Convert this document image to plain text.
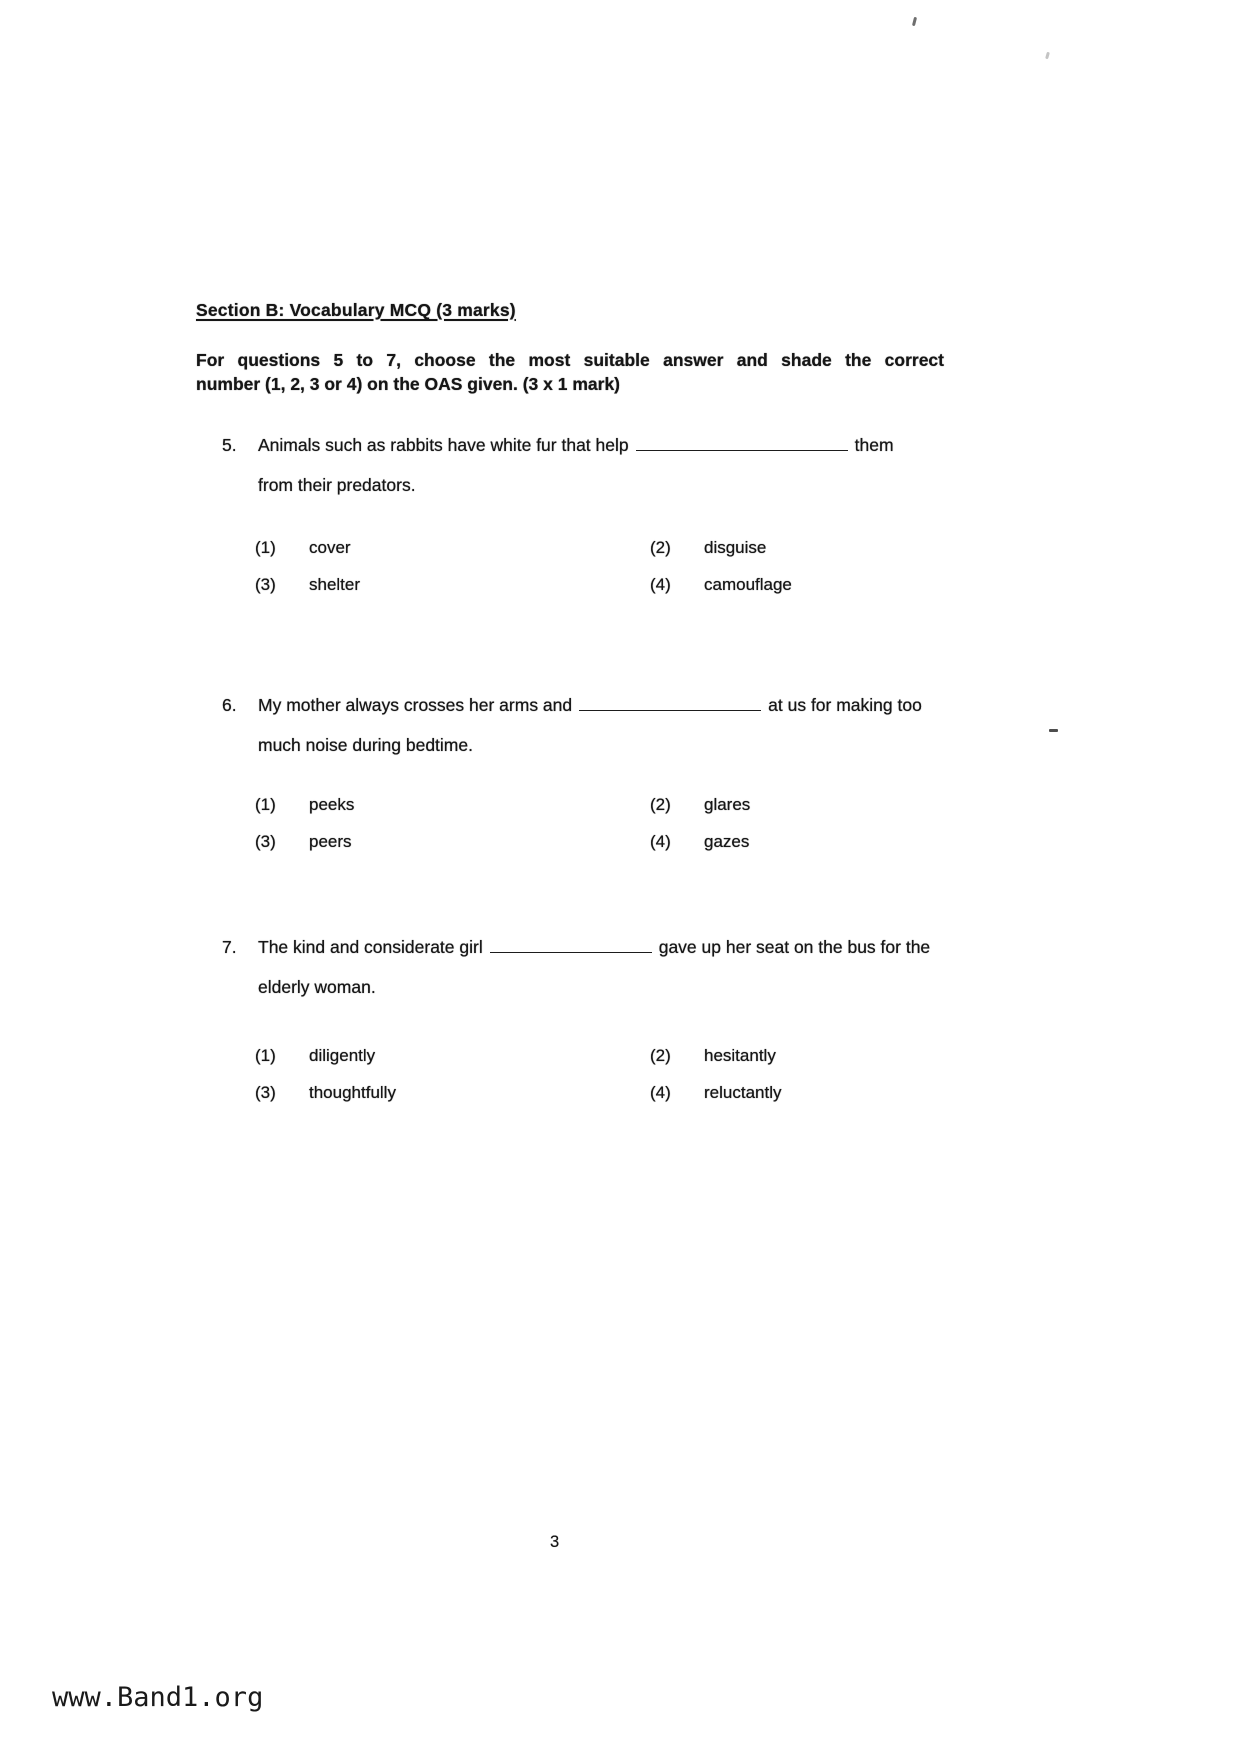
Section B: Vocabulary MCQ (3 marks)
For questions 5 to 7, choose the most suitable answer and shade the correct
number (1, 2, 3 or 4) on the OAS given. (3 x 1 mark)
5.	Animals such as rabbits have white fur that help	them
from their predators.
(1)	cover	(2)	disguise
(3)	shelter	(4)	camouflage
6.	My mother always crosses her arms and	at us for making too
much noise during bedtime.
(1)	peeks	(2)	glares
(3)	peers	(4)	gazes
7.	The kind and considerate girl	gave up her seat on the bus for the
elderly woman.
(1)	diligently	(2)	hesitantly
(3)	thoughtfully	(4)	reluctantly
3
www.Band1.org
